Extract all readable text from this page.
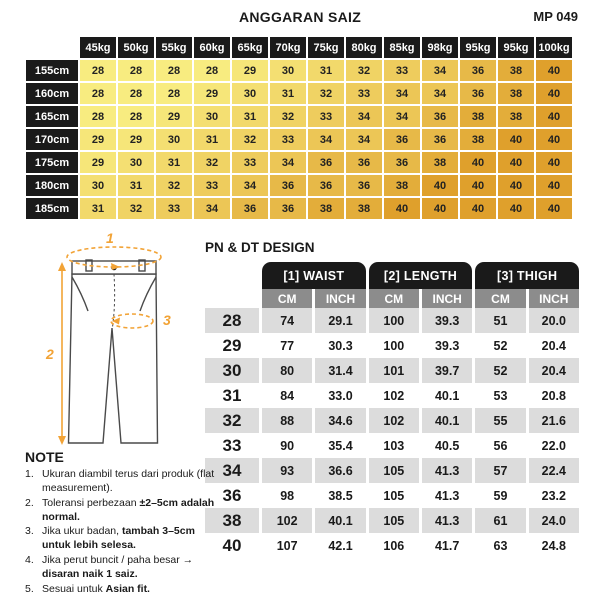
ANGGARAN SAIZ	MP 049
	45kg	50kg	55kg	60kg	65kg	70kg	75kg	80kg	85kg	98kg	95kg	95kg	100kg
155cm	28	28	28	28	29	30	31	32	33	34	36	38	40
160cm	28	28	28	29	30	31	32	33	34	34	36	38	40
165cm	28	28	29	30	31	32	33	34	34	36	38	38	40
170cm	29	29	30	31	32	33	34	34	36	36	38	40	40
175cm	29	30	31	32	33	34	36	36	36	38	40	40	40
180cm	30	31	32	33	34	36	36	36	38	40	40	40	40
185cm	31	32	33	34	36	36	38	38	40	40	40	40	40
1
2
3
PN & DT DESIGN
[1] WAIST	[2] LENGTH	[3] THIGH
CM	INCH	CM	INCH	CM	INCH
28	74	29.1	100	39.3	51	20.0
29	77	30.3	100	39.3	52	20.4
30	80	31.4	101	39.7	52	20.4
31	84	33.0	102	40.1	53	20.8
32	88	34.6	102	40.1	55	21.6
33	90	35.4	103	40.5	56	22.0
34	93	36.6	105	41.3	57	22.4
36	98	38.5	105	41.3	59	23.2
38	102	40.1	105	41.3	61	24.0
40	107	42.1	106	41.7	63	24.8
NOTE
1. Ukuran diambil terus dari produk (flat measurement).
2. Toleransi perbezaan ±2–5cm adalah normal.
3. Jika ukur badan, tambah 3–5cm untuk lebih selesa.
4. Jika perut buncit / paha besar → disaran naik 1 saiz.
5. Sesuai untuk Asian fit.
